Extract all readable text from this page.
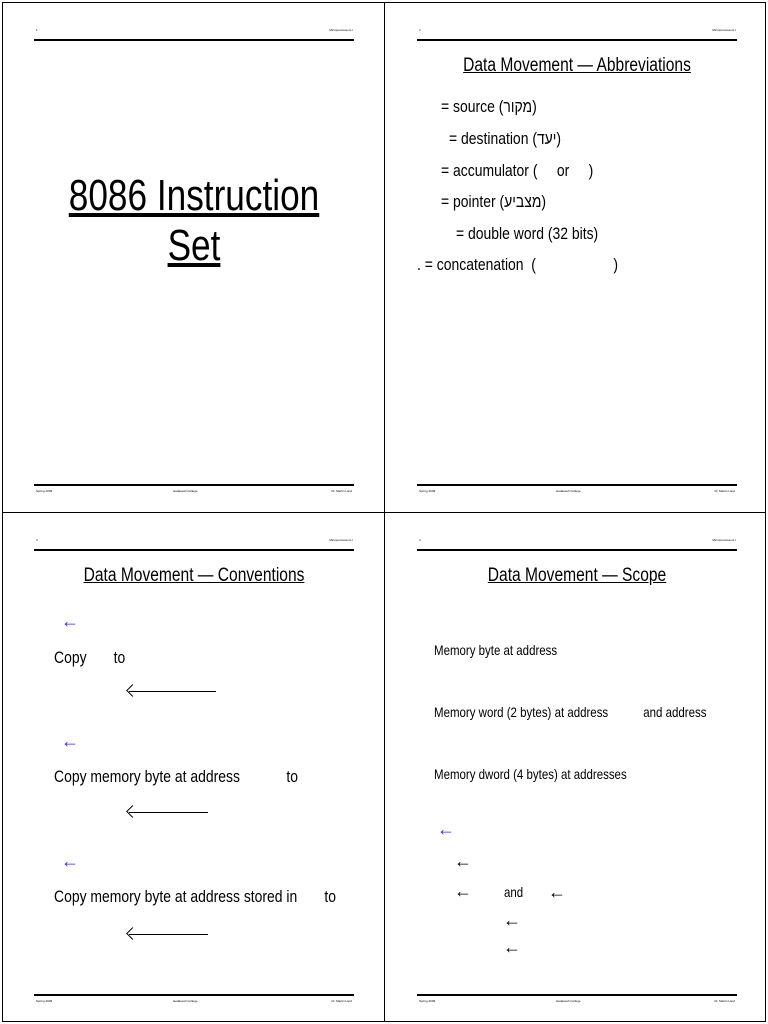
1	Microprocessors I
8086 Instruction Set
Spring 2009	Hadassah College	Dr. Martin Land
2	Microprocessors I
Data Movement — Abbreviations
= source (מקור)
= destination (יעד)
= accumulator (     or     )
= pointer (מצביע)
= double word (32 bits)
. = concatenation  (                    )
Spring 2009	Hadassah College	Dr. Martin Land
3	Microprocessors I
Data Movement — Conventions
←
Copy       to
←
Copy memory byte at address            to
←
Copy memory byte at address stored in       to
Spring 2009	Hadassah College	Dr. Martin Land
4	Microprocessors I
Data Movement — Scope
Memory byte at address
Memory word (2 bytes) at address           and address
Memory dword (4 bytes) at addresses
←
←
← and ←
←
←
Spring 2009	Hadassah College	Dr. Martin Land
